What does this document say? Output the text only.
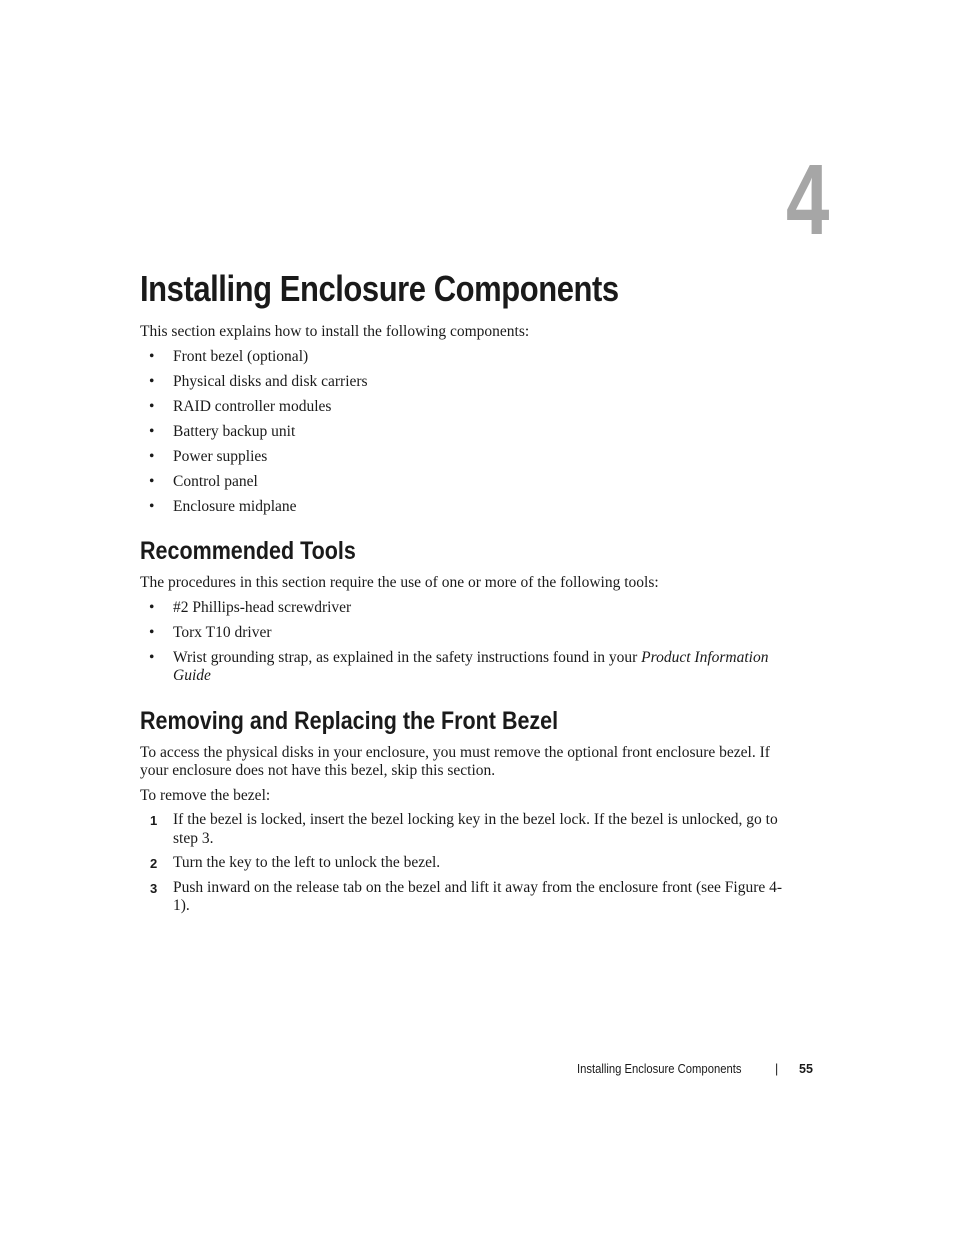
4
Installing Enclosure Components

This section explains how to install the following components:

• Front bezel (optional)
• Physical disks and disk carriers
• RAID controller modules
• Battery backup unit
• Power supplies
• Control panel
• Enclosure midplane
Recommended Tools

The procedures in this section require the use of one or more of the following tools:

• #2 Phillips-head screwdriver
• Torx T10 driver
• Wrist grounding strap, as explained in the safety instructions found in your Product Information Guide
Removing and Replacing the Front Bezel

To access the physical disks in your enclosure, you must remove the optional front enclosure bezel. If your enclosure does not have this bezel, skip this section.

To remove the bezel:

1 If the bezel is locked, insert the bezel locking key in the bezel lock. If the bezel is unlocked, go to step 3.
2 Turn the key to the left to unlock the bezel.
3 Push inward on the release tab on the bezel and lift it away from the enclosure front (see Figure 4-1).
Installing Enclosure Components	| 55
